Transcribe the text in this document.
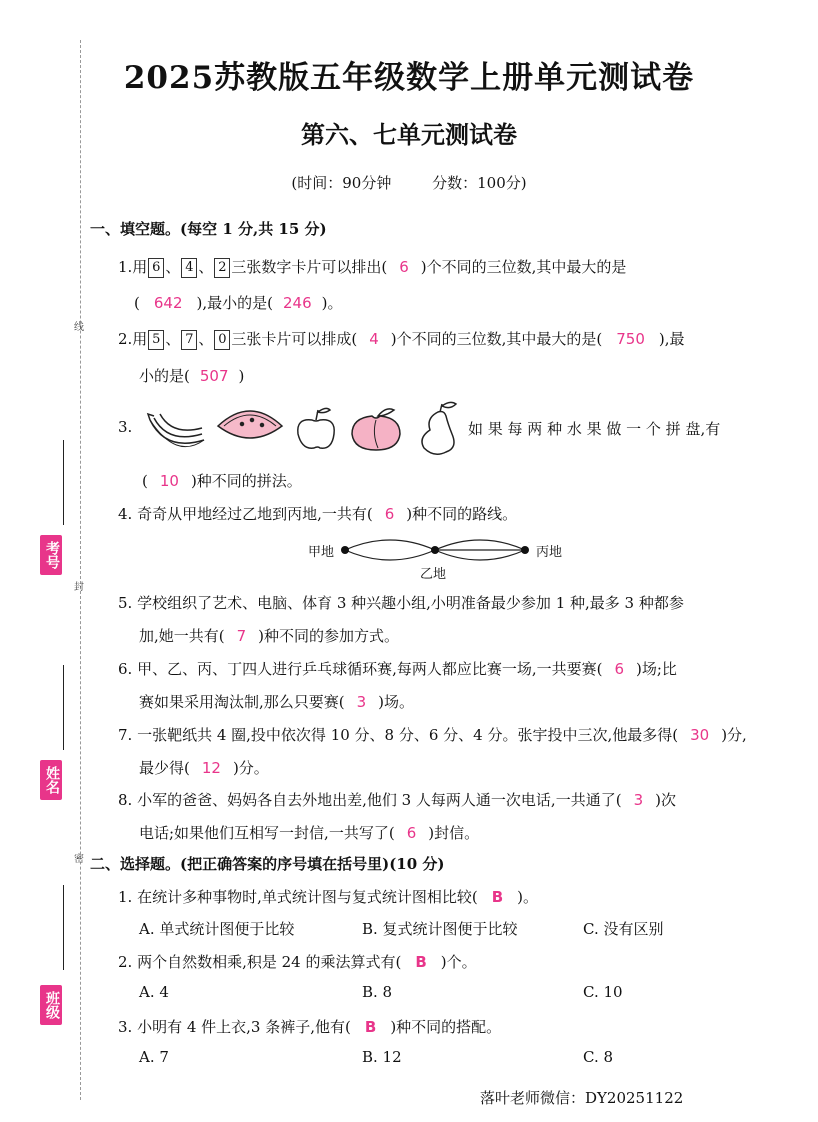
线
封
密
考号
姓名
班级
2025苏教版五年级数学上册单元测试卷
第六、七单元测试卷
(时间：90分钟	分数：100分)
一、填空题。(每空 1 分,共 15 分)
1.用 6 、 4 、 2 三张数字卡片可以排出( 6 )个不同的三位数,其中最大的是
( 642 ),最小的是( 246 )。
2.用 5 、 7 、 0 三张卡片可以排成( 4 )个不同的三位数,其中最大的是( 750 ),最
小的是( 507 )
3.	如 果 每 两 种 水 果 做 一 个 拼 盘,有
( 10 )种不同的拼法。
4. 奇奇从甲地经过乙地到丙地,一共有( 6 )种不同的路线。
甲地
乙地
丙地
5. 学校组织了艺术、电脑、体育 3 种兴趣小组,小明准备最少参加 1 种,最多 3 种都参
加,她一共有( 7 )种不同的参加方式。
6. 甲、乙、丙、丁四人进行乒乓球循环赛,每两人都应比赛一场,一共要赛( 6 )场;比
赛如果采用淘汰制,那么只要赛( 3 )场。
7. 一张靶纸共 4 圈,投中依次得 10 分、8 分、6 分、4 分。张宇投中三次,他最多得( 30 )分,
最少得( 12 )分。
8. 小军的爸爸、妈妈各自去外地出差,他们 3 人每两人通一次电话,一共通了( 3 )次
电话;如果他们互相写一封信,一共写了( 6 )封信。
二、选择题。(把正确答案的序号填在括号里)(10 分)
1. 在统计多种事物时,单式统计图与复式统计图相比较( B )。
A. 单式统计图便于比较	B. 复式统计图便于比较	C. 没有区别
2. 两个自然数相乘,积是 24 的乘法算式有( B )个。
A. 4	B. 8	C. 10
3. 小明有 4 件上衣,3 条裤子,他有( B )种不同的搭配。
A. 7	B. 12	C. 8
落叶老师微信：DY20251122
